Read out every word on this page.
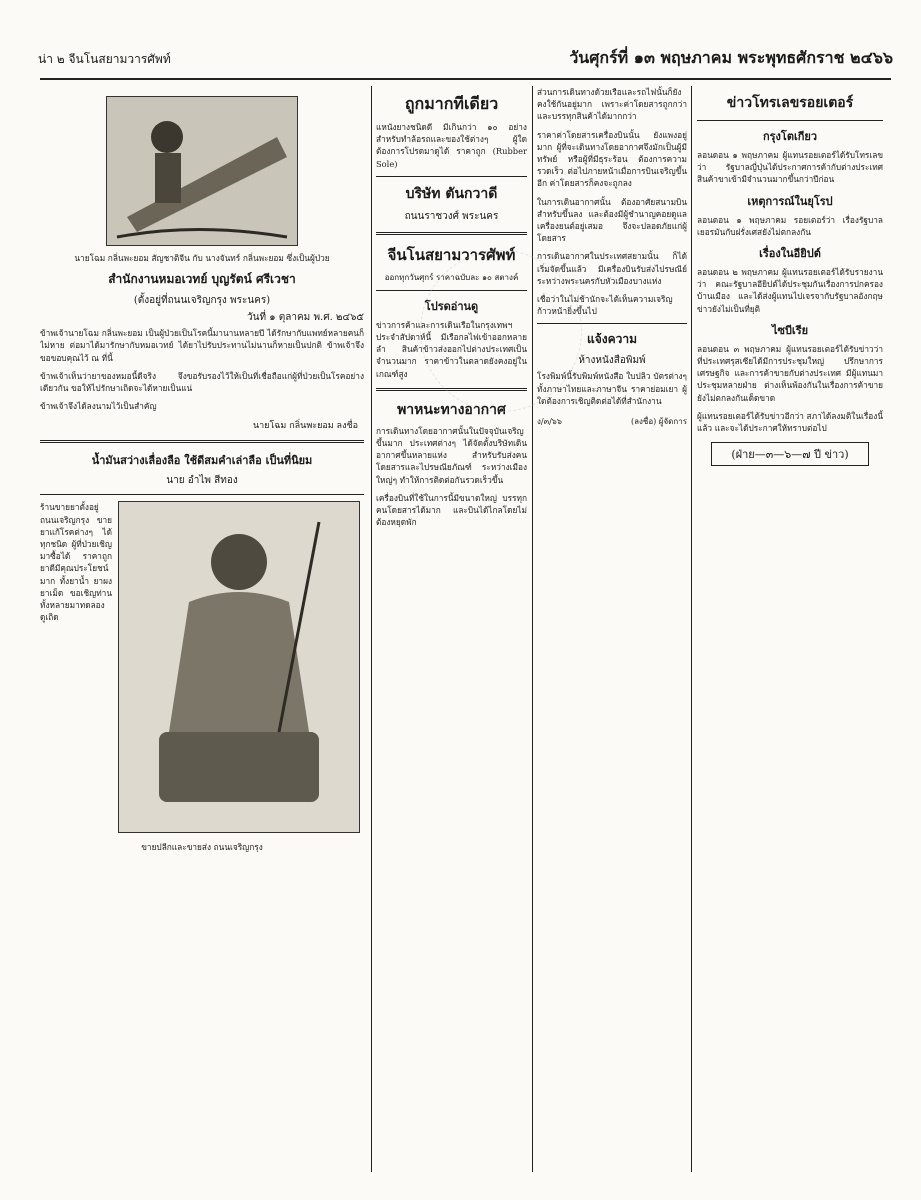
น่า ๒ จีนโนสยามวารศัพท์	วันศุกร์ที่ ๑๓ พฤษภาคม พระพุทธศักราช ๒๔๖๖
นายโฉม กลิ่นพะยอม สัญชาติจีน กับ นางจันทร์ กลิ่นพะยอม ซึ่งเป็นผู้ป่วย
สำนักงานหมอเวทย์ บุญรัตน์ ศรีเวชา
(ตั้งอยู่ที่ถนนเจริญกรุง พระนคร)
วันที่ ๑ ตุลาคม พ.ศ. ๒๔๖๕
ข้าพเจ้านายโฉม กลิ่นพะยอม เป็นผู้ป่วยเป็นโรคนี้มานานหลายปี ได้รักษากับแพทย์หลายคนก็ไม่หาย ต่อมาได้มารักษากับหมอเวทย์ ได้ยาไปรับประทานไม่นานก็หายเป็นปกติ ข้าพเจ้าจึงขอขอบคุณไว้ ณ ที่นี้
ข้าพเจ้าเห็นว่ายาของหมอนี้ดีจริง จึงขอรับรองไว้ให้เป็นที่เชื่อถือแก่ผู้ที่ป่วยเป็นโรคอย่างเดียวกัน ขอให้ไปรักษาเถิดจะได้หายเป็นแน่
ข้าพเจ้าจึงได้ลงนามไว้เป็นสำคัญ
นายโฉม กลิ่นพะยอม ลงชื่อ
น้ำมันสว่างเลื่องลือ ใช้ดีสมคำเล่าลือ เป็นที่นิยม
นาย อำไพ สีทอง
ร้านขายยาตั้งอยู่ถนนเจริญกรุง ขายยาแก้โรคต่างๆ ได้ทุกชนิด ผู้ที่ป่วยเชิญมาซื้อได้ ราคาถูก ยาดีมีคุณประโยชน์มาก ทั้งยาน้ำ ยาผง ยาเม็ด ขอเชิญท่านทั้งหลายมาทดลองดูเถิด
ขายปลีกและขายส่ง ถนนเจริญกรุง
ถูกมากทีเดียว
แหนังยางชนิดดี มีเกินกว่า ๑๐ อย่าง สำหรับทำล้อรถและของใช้ต่างๆ ผู้ใดต้องการโปรดมาดูได้ ราคาถูก (Rubber Sole)
บริษัท ตันกวาดี
ถนนราชวงศ์ พระนคร
จีนโนสยามวารศัพท์
ออกทุกวันศุกร์ ราคาฉบับละ ๑๐ สตางค์
โปรดอ่านดู
ข่าวการค้าและการเดินเรือในกรุงเทพฯ ประจำสัปดาห์นี้ มีเรือกลไฟเข้าออกหลายลำ สินค้าข้าวส่งออกไปต่างประเทศเป็นจำนวนมาก ราคาข้าวในตลาดยังคงอยู่ในเกณฑ์สูง
พาหนะทางอากาศ
การเดินทางโดยอากาศนั้นในปัจจุบันเจริญขึ้นมาก ประเทศต่างๆ ได้จัดตั้งบริษัทเดินอากาศขึ้นหลายแห่ง สำหรับรับส่งคนโดยสารและไปรษณียภัณฑ์ ระหว่างเมืองใหญ่ๆ ทำให้การติดต่อกันรวดเร็วขึ้น
เครื่องบินที่ใช้ในการนี้มีขนาดใหญ่ บรรทุกคนโดยสารได้มาก และบินได้ไกลโดยไม่ต้องหยุดพัก
ส่วนการเดินทางด้วยเรือและรถไฟนั้นก็ยังคงใช้กันอยู่มาก เพราะค่าโดยสารถูกกว่าและบรรทุกสินค้าได้มากกว่า
ราคาค่าโดยสารเครื่องบินนั้น ยังแพงอยู่มาก ผู้ที่จะเดินทางโดยอากาศจึงมักเป็นผู้มีทรัพย์ หรือผู้ที่มีธุระร้อน ต้องการความรวดเร็ว ต่อไปภายหน้าเมื่อการบินเจริญขึ้นอีก ค่าโดยสารก็คงจะถูกลง
ในการเดินอากาศนั้น ต้องอาศัยสนามบินสำหรับขึ้นลง และต้องมีผู้ชำนาญคอยดูแลเครื่องยนต์อยู่เสมอ จึงจะปลอดภัยแก่ผู้โดยสาร
การเดินอากาศในประเทศสยามนั้น ก็ได้เริ่มจัดขึ้นแล้ว มีเครื่องบินรับส่งไปรษณีย์ระหว่างพระนครกับหัวเมืองบางแห่ง
เชื่อว่าในไม่ช้านักจะได้เห็นความเจริญก้าวหน้ายิ่งขึ้นไป
แจ้งความ
ห้างหนังสือพิมพ์
โรงพิมพ์นี้รับพิมพ์หนังสือ ใบปลิว บัตรต่างๆ ทั้งภาษาไทยและภาษาจีน ราคาย่อมเยา ผู้ใดต้องการเชิญติดต่อได้ที่สำนักงาน
ง/๓/๖๖	(ลงชื่อ) ผู้จัดการ
ข่าวโทรเลขรอยเตอร์
กรุงโตเกียว
ลอนดอน ๑ พฤษภาคม ผู้แทนรอยเตอร์ได้รับโทรเลขว่า รัฐบาลญี่ปุ่นได้ประกาศการค้ากับต่างประเทศ สินค้าขาเข้ามีจำนวนมากขึ้นกว่าปีก่อน
เหตุการณ์ในยุโรป
ลอนดอน ๑ พฤษภาคม รอยเตอร์ว่า เรื่องรัฐบาลเยอรมันกับฝรั่งเศสยังไม่ตกลงกัน
เรื่องในอียิปต์
ลอนดอน ๒ พฤษภาคม ผู้แทนรอยเตอร์ได้รับรายงานว่า คณะรัฐบาลอียิปต์ได้ประชุมกันเรื่องการปกครองบ้านเมือง และได้ส่งผู้แทนไปเจรจากับรัฐบาลอังกฤษ ข่าวยังไม่เป็นที่ยุติ
ไซบีเรีย
ลอนดอน ๓ พฤษภาคม ผู้แทนรอยเตอร์ได้รับข่าวว่า ที่ประเทศรุสเซียได้มีการประชุมใหญ่ ปรึกษาการเศรษฐกิจ และการค้าขายกับต่างประเทศ มีผู้แทนมาประชุมหลายฝ่าย ต่างเห็นพ้องกันในเรื่องการค้าขาย ยังไม่ตกลงกันเด็ดขาด
ผู้แทนรอยเตอร์ได้รับข่าวอีกว่า สภาได้ลงมติในเรื่องนี้แล้ว และจะได้ประกาศให้ทราบต่อไป
(ฝ่าย—๓—๖—๗ ปี ข่าว)
